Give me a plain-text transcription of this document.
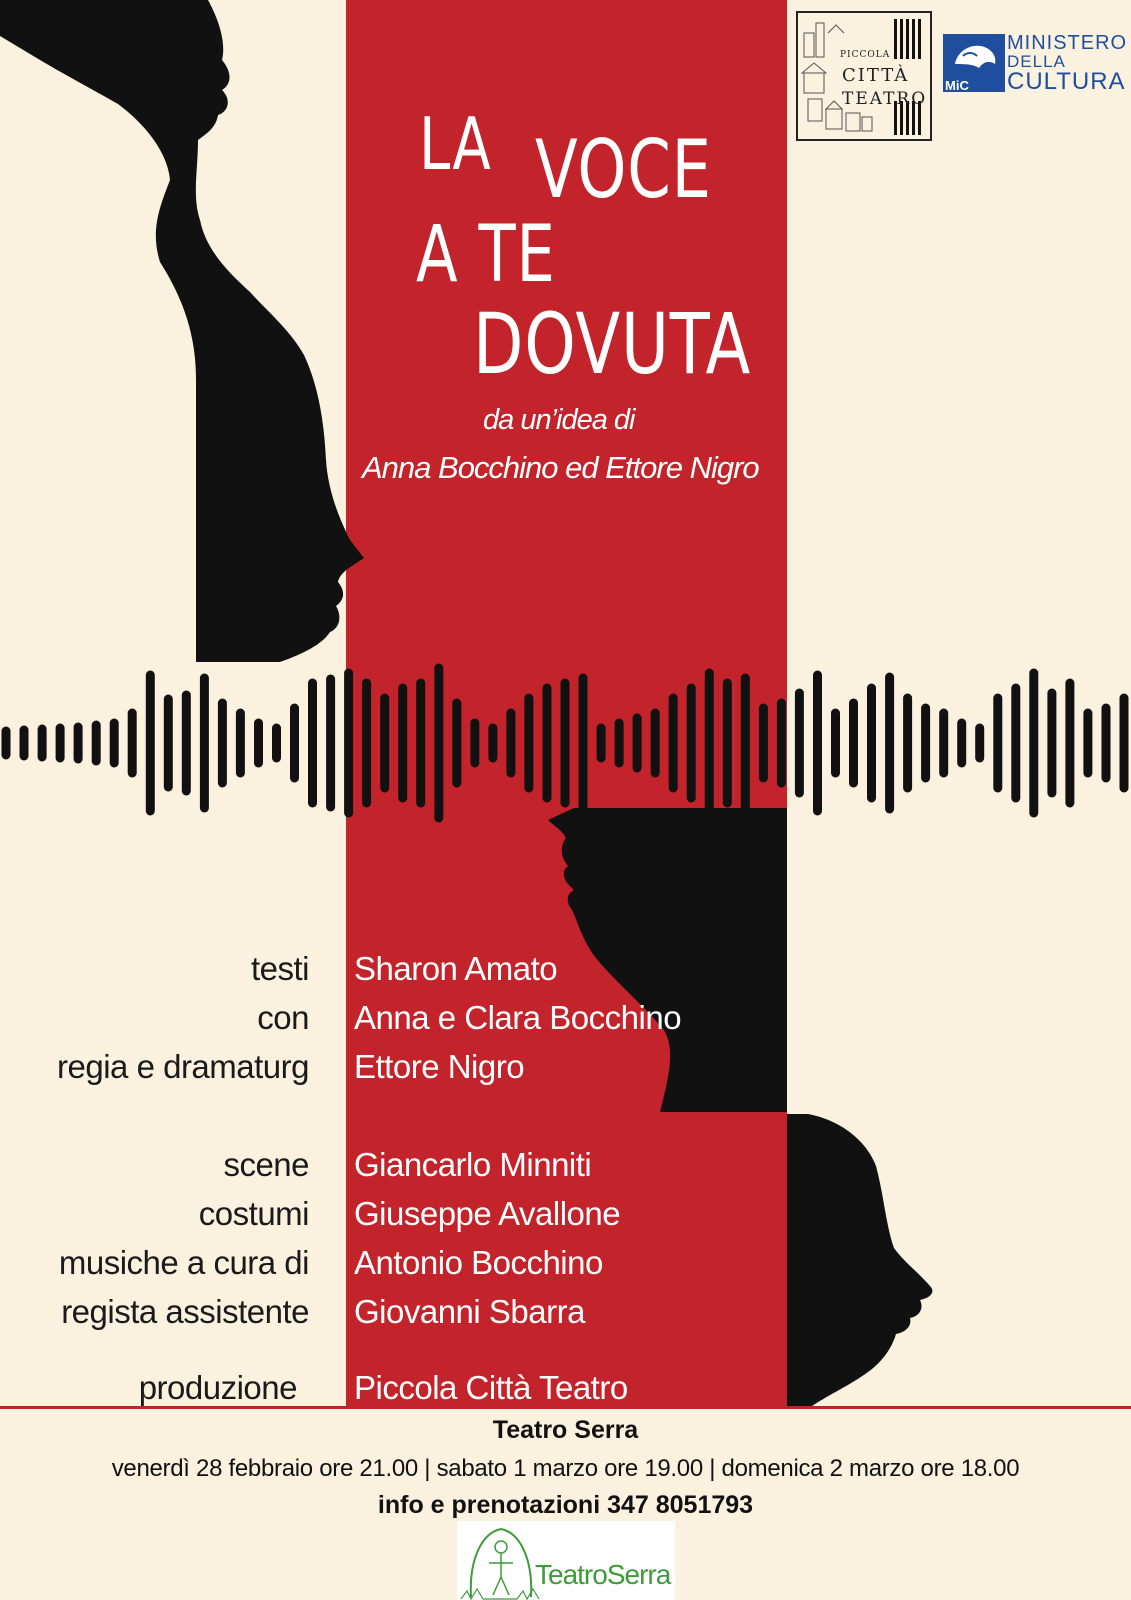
LA VOCE
A TE
DOVUTA
da un’idea di
Anna Bocchino ed Ettore Nigro
PICCOLA
CITTÀ
TEATRO
MiC
MINISTERO
DELLA
CULTURA
testi Sharon Amato
con Anna e Clara Bocchino
regia e dramaturg Ettore Nigro
scene Giancarlo Minniti
costumi Giuseppe Avallone
musiche a cura di Antonio Bocchino
regista assistente Giovanni Sbarra
produzione Piccola Città Teatro
Teatro Serra
venerdì 28 febbraio ore 21.00 | sabato 1 marzo ore 19.00 | domenica 2 marzo ore 18.00
info e prenotazioni 347 8051793
TeatroSerra
